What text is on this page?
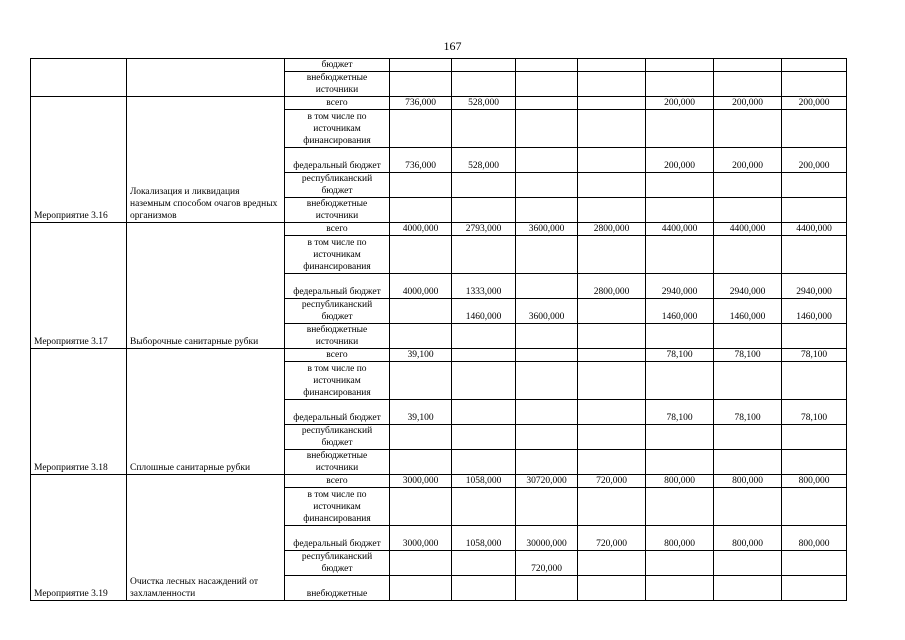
167
		бюджет							
		внебюджетные источники							
Мероприятие 3.16	Локализация и ликвидация наземным способом очагов вредных организмов	всего	736,000	528,000			200,000	200,000	200,000
		в том числе по источникам финансирования							
		федеральный бюджет	736,000	528,000			200,000	200,000	200,000
		республиканский бюджет							
		внебюджетные источники							
Мероприятие 3.17	Выборочные санитарные рубки	всего	4000,000	2793,000	3600,000	2800,000	4400,000	4400,000	4400,000
		в том числе по источникам финансирования							
		федеральный бюджет	4000,000	1333,000		2800,000	2940,000	2940,000	2940,000
		республиканский бюджет		1460,000	3600,000		1460,000	1460,000	1460,000
		внебюджетные источники							
Мероприятие 3.18	Сплошные санитарные рубки	всего	39,100				78,100	78,100	78,100
		в том числе по источникам финансирования							
		федеральный бюджет	39,100				78,100	78,100	78,100
		республиканский бюджет							
		внебюджетные источники							
Мероприятие 3.19	Очистка лесных насаждений от захламленности	всего	3000,000	1058,000	30720,000	720,000	800,000	800,000	800,000
		в том числе по источникам финансирования							
		федеральный бюджет	3000,000	1058,000	30000,000	720,000	800,000	800,000	800,000
		республиканский бюджет			720,000				
		внебюджетные							
